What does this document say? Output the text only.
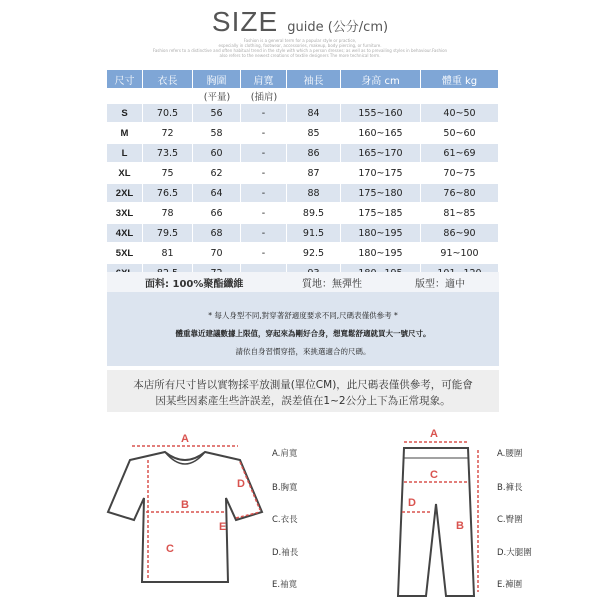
SIZE guide (公分/cm)
Fashion is a general term for a popular style or practice,
especially in clothing, footwear, accessories, makeup, body piercing, or furniture.
Fashion refers to a distinctive and often habitual trend in the style with which a person dresses; as well as to prevailing styles in behaviour.Fashion
also refers to the newest creations of textile designers The more technical term.
尺寸	衣長	胸圍	肩寬	袖長	身高 cm	體重 kg
		(平量)	(插肩)			
S	70.5	56	-	84	155~160	40~50
M	72	58	-	85	160~165	50~60
L	73.5	60	-	86	165~170	61~69
XL	75	62	-	87	170~175	70~75
2XL	76.5	64	-	88	175~180	76~80
3XL	78	66	-	89.5	175~185	81~85
4XL	79.5	68	-	91.5	180~195	86~90
5XL	81	70	-	92.5	180~195	91~100

面料: 100%聚酯纖維	質地：無彈性	版型：適中
* 每人身型不同,對穿著舒適度要求不同,尺碼表僅供參考 *
體重靠近建議數據上限值，穿起來為剛好合身，想寬鬆舒適就買大一號尺寸。
請依自身習慣穿搭，來挑選適合的尺碼。
本店所有尺寸皆以實物採平放測量(單位CM)，此尺碼表僅供參考，可能會
因某些因素產生些許誤差，誤差值在1~2公分上下為正常現象。
A
B
C
D
E
A
B
C
D
A.肩寬
B.胸寬
C.衣長
D.袖長
E.袖寬
A.腰圍
B.褲長
C.臀圍
D.大腿圍
E.褲圍
